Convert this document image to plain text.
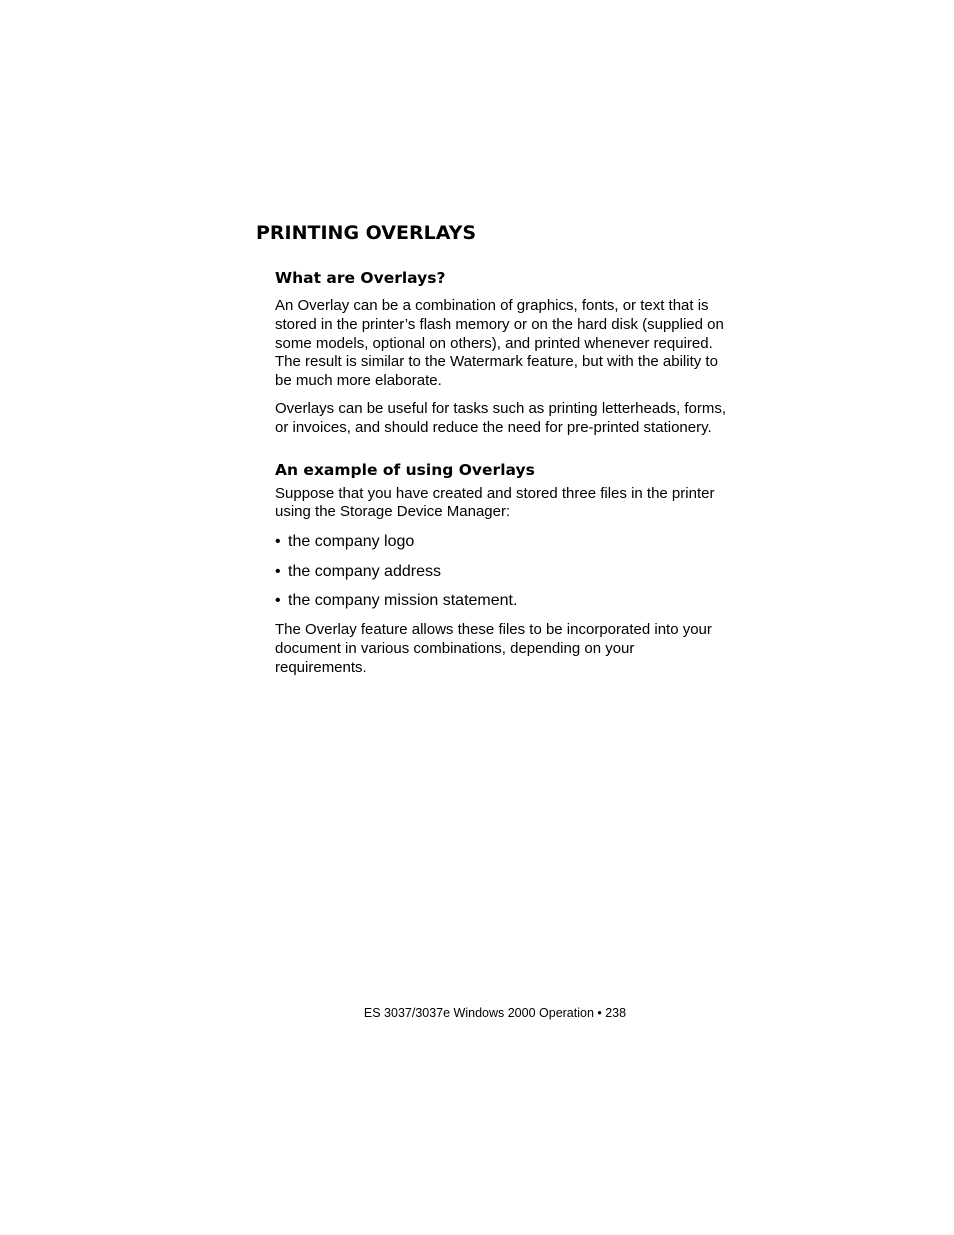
PRINTING OVERLAYS
What are Overlays?

An Overlay can be a combination of graphics, fonts, or text that is
stored in the printer’s flash memory or on the hard disk (supplied on
some models, optional on others), and printed whenever required.
The result is similar to the Watermark feature, but with the ability to
be much more elaborate.

Overlays can be useful for tasks such as printing letterheads, forms,
or invoices, and should reduce the need for pre-printed stationery.

An example of using Overlays

Suppose that you have created and stored three files in the printer
using the Storage Device Manager:

• the company logo
• the company address
• the company mission statement.

The Overlay feature allows these files to be incorporated into your
document in various combinations, depending on your
requirements.

ES 3037/3037e Windows 2000 Operation • 238
